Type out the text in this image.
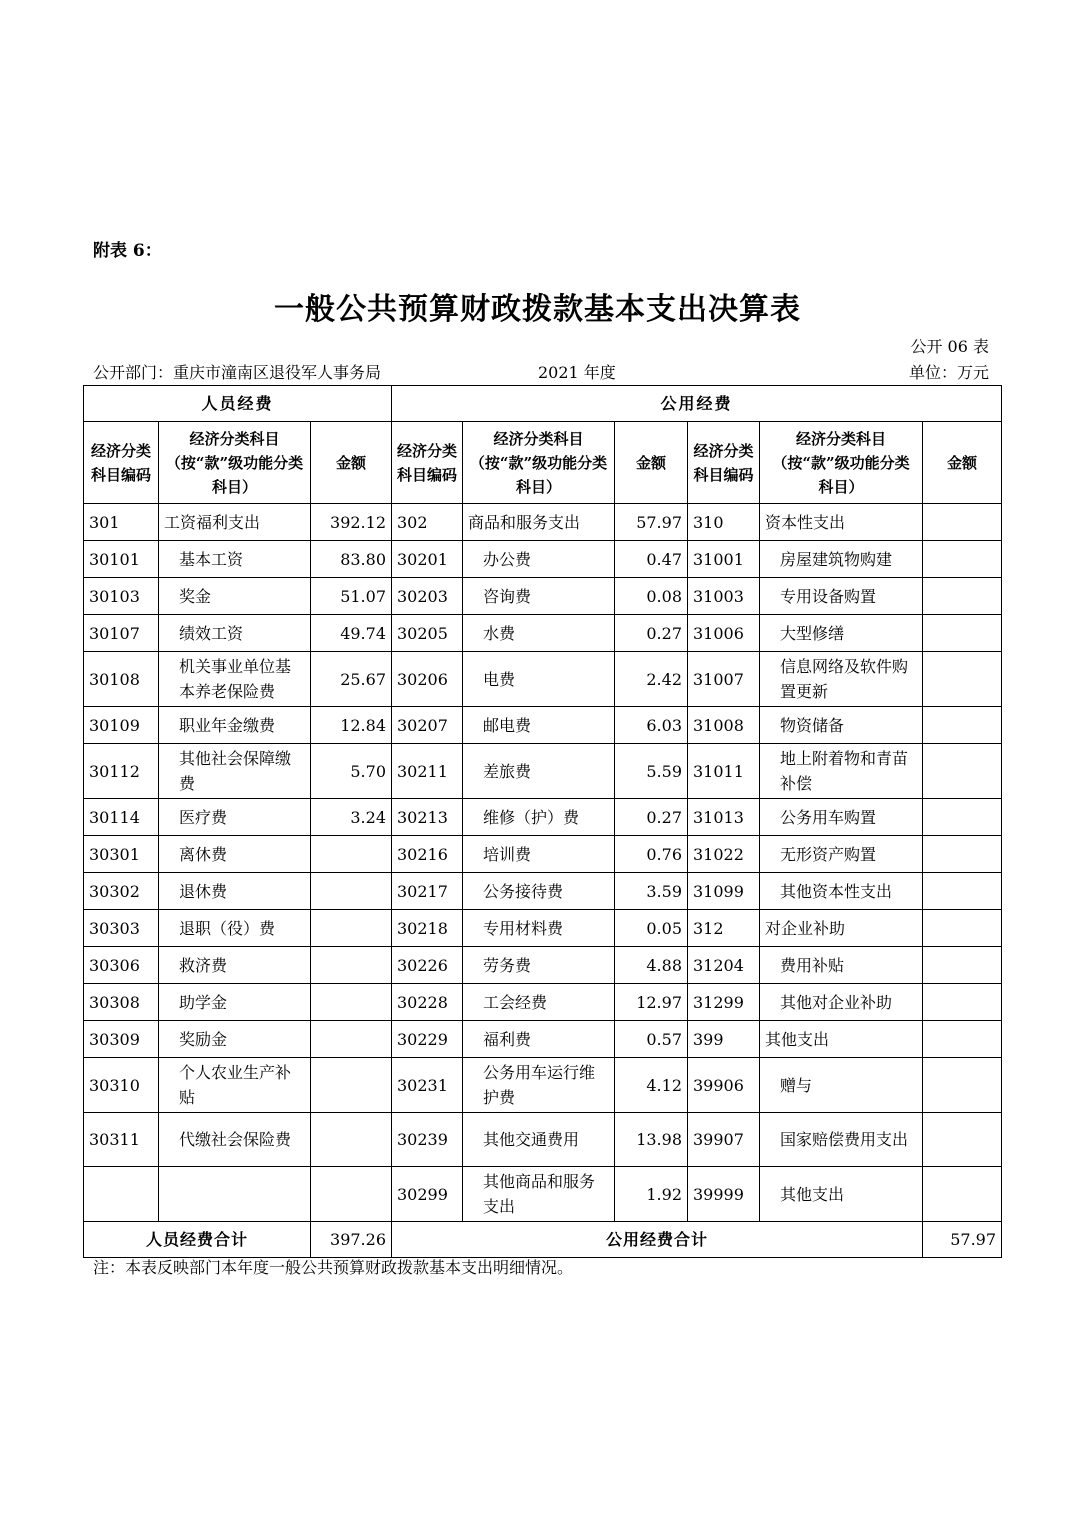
附表 6：
一般公共预算财政拨款基本支出决算表
公开 06 表
公开部门：重庆市潼南区退役军人事务局	2021 年度	单位：万元
人员经费			公用经费					
经济分类科目编码	经济分类科目（按“款”级功能分类科目）	金额	经济分类科目编码	经济分类科目（按“款”级功能分类科目）	金额	经济分类科目编码	经济分类科目（按“款”级功能分类科目）	金额
301	工资福利支出	392.12	302	商品和服务支出	57.97	310	资本性支出	
30101	基本工资	83.80	30201	办公费	0.47	31001	房屋建筑物购建	
30103	奖金	51.07	30203	咨询费	0.08	31003	专用设备购置	
30107	绩效工资	49.74	30205	水费	0.27	31006	大型修缮	
30108	机关事业单位基本养老保险费	25.67	30206	电费	2.42	31007	信息网络及软件购置更新	
30109	职业年金缴费	12.84	30207	邮电费	6.03	31008	物资储备	
30112	其他社会保障缴费	5.70	30211	差旅费	5.59	31011	地上附着物和青苗补偿	
30114	医疗费	3.24	30213	维修（护）费	0.27	31013	公务用车购置	
30301	离休费		30216	培训费	0.76	31022	无形资产购置	
30302	退休费		30217	公务接待费	3.59	31099	其他资本性支出	
30303	退职（役）费		30218	专用材料费	0.05	312	对企业补助	
30306	救济费		30226	劳务费	4.88	31204	费用补贴	
30308	助学金		30228	工会经费	12.97	31299	其他对企业补助	
30309	奖励金		30229	福利费	0.57	399	其他支出	
30310	个人农业生产补贴		30231	公务用车运行维护费	4.12	39906	赠与	
30311	代缴社会保险费		30239	其他交通费用	13.98	39907	国家赔偿费用支出	
			30299	其他商品和服务支出	1.92	39999	其他支出	
人员经费合计		397.26	公用经费合计					57.97
注：本表反映部门本年度一般公共预算财政拨款基本支出明细情况。
